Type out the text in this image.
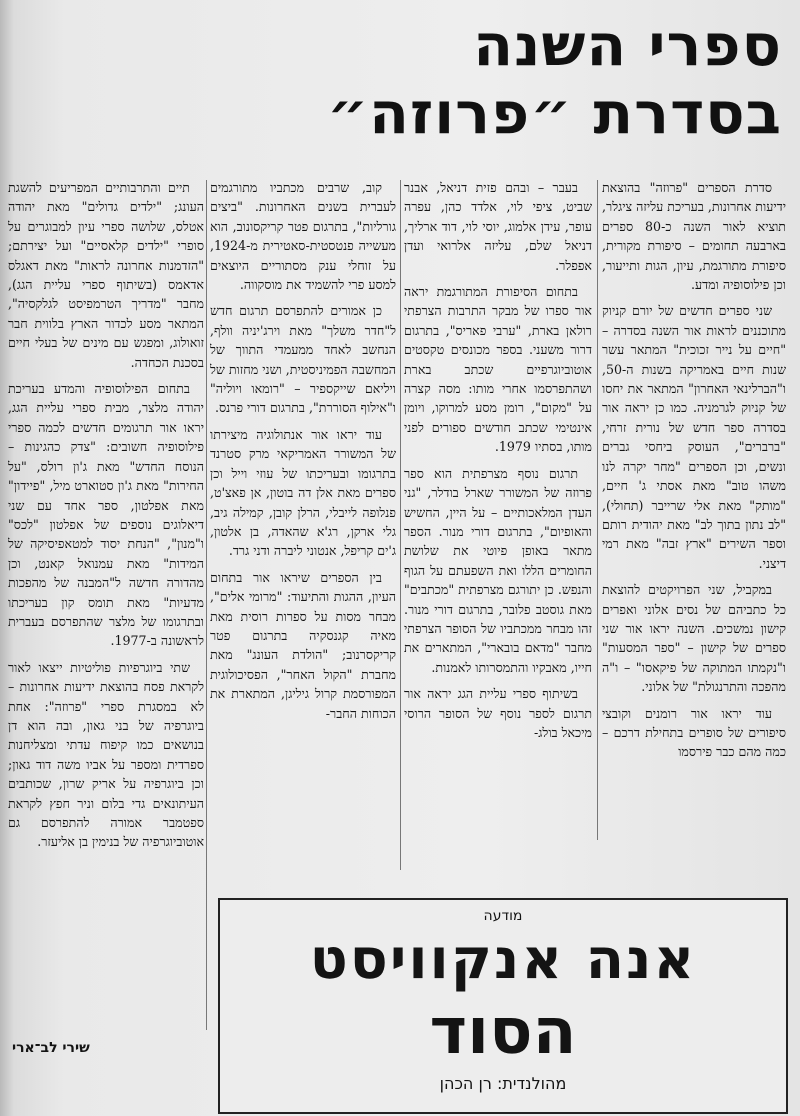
ספרי השנה
בסדרת ״פרוזה״

סדרת הספרים "פרוזה" בהוצאת ידיעות אחרונות, בעריכת עליזה ציגלר, תוציא לאור השנה כ-80 ספרים בארבעה תחומים – סיפורת מקורית, סיפורת מתורגמת, עיון, הגות ותייעור, וכן פילוסופיה ומדע.

שני ספרים חדשים של יורם קניוק מתוכננים לראות אור השנה בסדרה – "חיים על נייר זכוכית" המתאר עשר שנות חיים באמריקה בשנות ה-50, ו"הברלינאי האחרון" המתאר את יחסו של קניוק לגרמניה. כמו כן יראה אור בסדרה ספר חדש של נורית זרחי, "ברברים", העוסק ביחסי גברים ונשים, וכן הספרים "מחר יקרה לנו משהו טוב" מאת אסתי ג' חיים, "מותק" מאת אלי שרייבר (תחולי), "לב נתון בתוך לב" מאת יהודית רותם וספר השירים "ארץ זבה" מאת רמי דיצני.

במקביל, שני הפרויקטים להוצאת כל כתביהם של נסים אלוני ואפרים קישון נמשכים. השנה יראו אור שני ספרים של קישון – "ספר המסעות" ו"נקמתו המתוקה של פיקאסו" – ו"ה מהפכה והתרנגולת" של אלוני.

עוד יראו אור רומנים וקובצי סיפורים של סופרים בתחילת דרכם – כמה מהם כבר פירסמו

בעבר – ובהם פזית דניאל, אבנר שביט, ציפי לוי, אלדד כהן, עפרה עופר, עידן אלמוג, יוסי לוי, דוד ארליך, דניאל שלם, עליזה אלרואי ועדן אפפלר.

בתחום הסיפורת המתורגמת יראה אור ספרו של מבקר התרבות הצרפתי רולאן בארת, "ערבי פאריס", בתרגום דרור משעני. בספר מכונסים טקסטים אוטוביוגרפיים שכתב בארת ושהתפרסמו אחרי מותו: מסה קצרה על "מקום", רומן מסע למרוקו, ויומן אינטימי שכתב חודשים ספורים לפני מותו, בסתיו 1979.

תרגום נוסף מצרפתית הוא ספר פרוזה של המשורר שארל בודלר, "גני העדן המלאכותיים – על היין, החשיש והאופיום", בתרגום דורי מנור. הספר מתאר באופן פיוטי את שלושת החומרים הללו ואת השפעתם על הגוף והנפש. כן יתורגם מצרפתית "מכתבים" מאת גוסטב פלובר, בתרגום דורי מנור. זהו מבחר ממכתביו של הסופר הצרפתי מחבר "מדאם בובארי", המתארים את חייו, מאבקיו והתמסרותו לאמנות.

בשיתוף ספרי עליית הגג יראה אור תרגום לספר נוסף של הסופר הרוסי מיכאל בולג-

קוב, שרבים מכתביו מתורגמים לעברית בשנים האחרונות. "ביצים גורליות", בתרגום פטר קריקסונוב, הוא מעשייה פנטסטית-סאטירית מ-1924, על זוחלי ענק מסתוריים היוצאים למסע פרי להשמיד את מוסקווה.

כן אמורים להתפרסם תרגום חדש ל"חדר משלך" מאת וירג'יניה וולף, הנחשב לאחד ממעמדי התווך של המחשבה הפמיניסטית, ושני מחזות של ויליאם שייקספיר – "רומאו ויוליה" ו"אילוף הסוררת", בתרגום דורי פרנס.

עוד יראו אור אנתולוגיה מיצירתו של המשורר האמריקאי מרק סטרנד בתרגומו ובעריכתו של עוזי וייל וכן ספרים מאת אלן דה בוטון, אן פאצ'ט, פנלופה לייבלי, הרלן קובן, קמילה גיב, גלי ארקן, רג'א שהאדה, בן אלטון, ג'ים קריפל, אנטוני ליברה ודני גרד.

בין הספרים שיראו אור בתחום העיון, ההגות והתיעוד: "מרומי אלים", מבחר מסות על ספרות רוסית מאת מאיה קגנסקיה בתרגום פטר קריקסרנוב; "הולדת העונג" מאת מחברת "הקול האחר", הפסיכולוגית המפורסמת קרול גיליגן, המתארת את הכוחות החבר-

תיים והתרבותיים המפריעים להשגת העונג; "ילדים גדולים" מאת יהודה אטלס, שלושה ספרי עיון למבוגרים על סופרי "ילדים קלאסיים" ועל יצירתם; "הזדמנות אחרונה לראות" מאת דאגלס אדאמס (בשיתוף ספרי עליית הגג), מחבר "מדריך הטרמפיסט לגלקסיה", המתאר מסע לכדור הארץ בלווית חבר זואולוג, ומפגש עם מינים של בעלי חיים בסכנת הכחדה.

בתחום הפילוסופיה והמדע בעריכת יהודה מלצר, מבית ספרי עליית הגג, יראו אור תרגומים חדשים לכמה ספרי פילוסופיה חשובים: "צדק כהגינות – הנוסח החדש" מאת ג'ון רולס, "על החירות" מאת ג'ון סטוארט מיל, "פיידון" מאת אפלטון, ספר אחד עם שני דיאלוגים נוספים של אפלטון "לכס" ו"מנון", "הנחת יסוד למטאפיסיקה של המידות" מאת עמנואל קאנט, וכן מהדורה חדשה ל"המבנה של מהפכות מדעיות" מאת תומס קון בעריכתו ובתרגומו של מלצר שהתפרסם בעברית לראשונה ב-1977.

שתי ביוגרפיות פוליטיות ייצאו לאור לקראת פסח בהוצאת ידיעות אחרונות – לא במסגרת ספרי "פרוזה": אחת ביוגרפיה של בני גאון, ובה הוא דן בנושאים כמו קיפוח עדתי ומצליחנות ספרדית ומספר על אביו משה דוד גאון; וכן ביוגרפיה על אריק שרון, שכותבים העיתונאים גדי בלום וניר חפץ לקראת ספטמבר אמורה להתפרסם גם אוטוביוגרפיה של בנימין בן אליעזר.

שירי לב־ארי
מודעה
אנה אנקוויסט
הסוד
מהולנדית: רן הכהן
